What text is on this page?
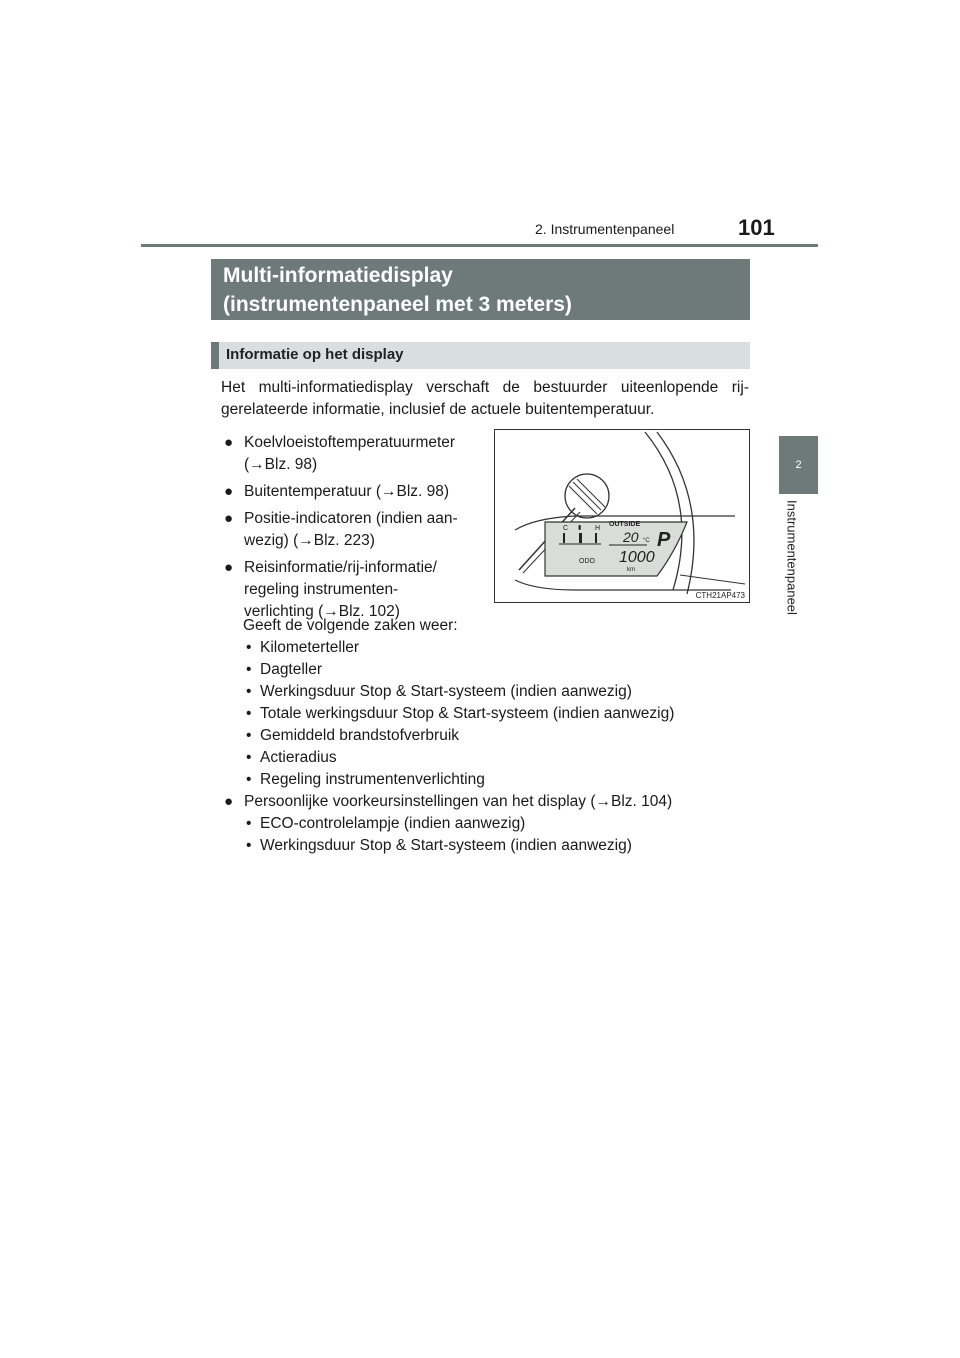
2. Instrumentenpaneel	101
2
Instrumentenpaneel
Multi-informatiedisplay
(instrumentenpaneel met 3 meters)
Informatie op het display
Het multi-informatiedisplay verschaft de bestuurder uiteenlopende rij-gerelateerde informatie, inclusief de actuele buitentemperatuur.
● Koelvloeistoftemperatuurmeter
(→Blz. 98)
● Buitentemperatuur (→Blz. 98)
● Positie-indicatoren (indien aan-
wezig) (→Blz. 223)
● Reisinformatie/rij-informatie/
regeling instrumenten-
verlichting (→Blz. 102)
Geeft de volgende zaken weer:
• Kilometerteller
• Dagteller
• Werkingsduur Stop & Start-systeem (indien aanwezig)
• Totale werkingsduur Stop & Start-systeem (indien aanwezig)
• Gemiddeld brandstofverbruik
• Actieradius
• Regeling instrumentenverlichting
● Persoonlijke voorkeursinstellingen van het display (→Blz. 104)
• ECO-controlelampje (indien aanwezig)
• Werkingsduur Stop & Start-systeem (indien aanwezig)
C	H
▮	OUTSIDE
20 °C P
ODO 1000
km
CTH21AP473
